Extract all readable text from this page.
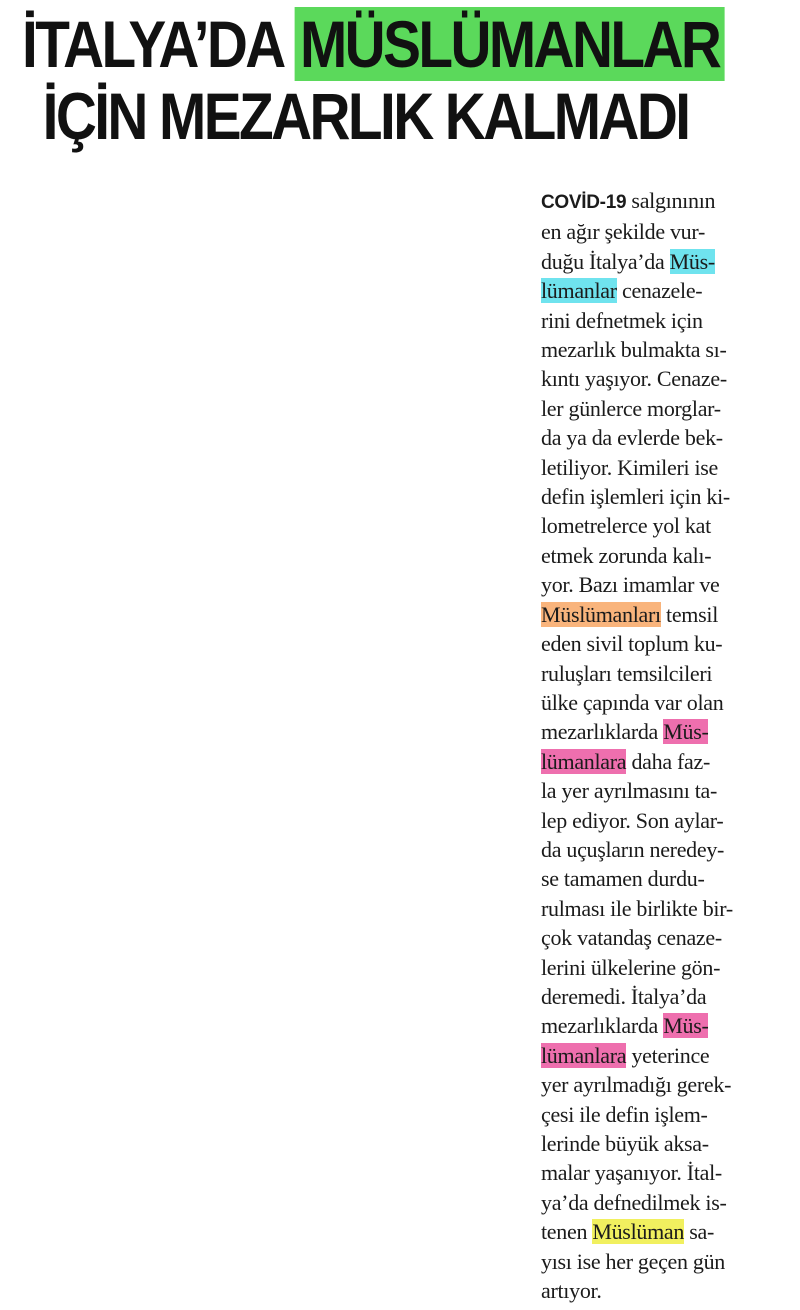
İTALYA’DA MÜSLÜMANLAR
İÇİN MEZARLIK KALMADI
COVİD-19 salgınının
en ağır şekilde vur-
duğu İtalya’da Müs-
lümanlar cenazele-
rini defnetmek için
mezarlık bulmakta sı-
kıntı yaşıyor. Cenaze-
ler günlerce morglar-
da ya da evlerde bek-
letiliyor. Kimileri ise
defin işlemleri için ki-
lometrelerce yol kat
etmek zorunda kalı-
yor. Bazı imamlar ve
Müslümanları temsil
eden sivil toplum ku-
ruluşları temsilcileri
ülke çapında var olan
mezarlıklarda Müs-
lümanlara daha faz-
la yer ayrılmasını ta-
lep ediyor. Son aylar-
da uçuşların neredey-
se tamamen durdu-
rulması ile birlikte bir-
çok vatandaş cenaze-
lerini ülkelerine gön-
deremedi. İtalya’da
mezarlıklarda Müs-
lümanlara yeterince
yer ayrılmadığı gerek-
çesi ile defin işlem-
lerinde büyük aksa-
malar yaşanıyor. İtal-
ya’da defnedilmek is-
tenen Müslüman sa-
yısı ise her geçen gün
artıyor.
